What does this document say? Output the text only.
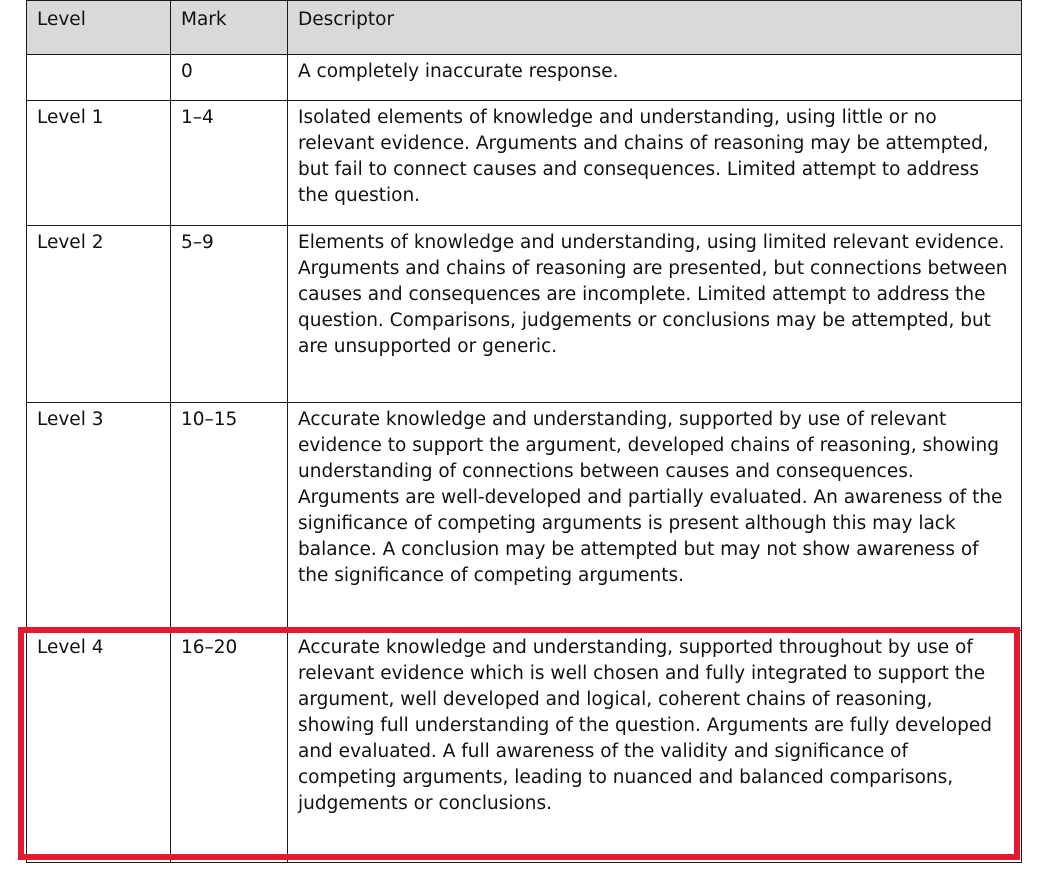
Level	Mark	Descriptor
	0	A completely inaccurate response.
Level 1	1–4	Isolated elements of knowledge and understanding, using little or no relevant evidence. Arguments and chains of reasoning may be attempted, but fail to connect causes and consequences. Limited attempt to address the question.
Level 2	5–9	Elements of knowledge and understanding, using limited relevant evidence. Arguments and chains of reasoning are presented, but connections between causes and consequences are incomplete. Limited attempt to address the question. Comparisons, judgements or conclusions may be attempted, but are unsupported or generic.
Level 3	10–15	Accurate knowledge and understanding, supported by use of relevant evidence to support the argument, developed chains of reasoning, showing understanding of connections between causes and consequences. Arguments are well-developed and partially evaluated. An awareness of the significance of competing arguments is present although this may lack balance. A conclusion may be attempted but may not show awareness of the significance of competing arguments.
Level 4	16–20	Accurate knowledge and understanding, supported throughout by use of relevant evidence which is well chosen and fully integrated to support the argument, well developed and logical, coherent chains of reasoning, showing full understanding of the question. Arguments are fully developed and evaluated. A full awareness of the validity and significance of competing arguments, leading to nuanced and balanced comparisons, judgements or conclusions.
